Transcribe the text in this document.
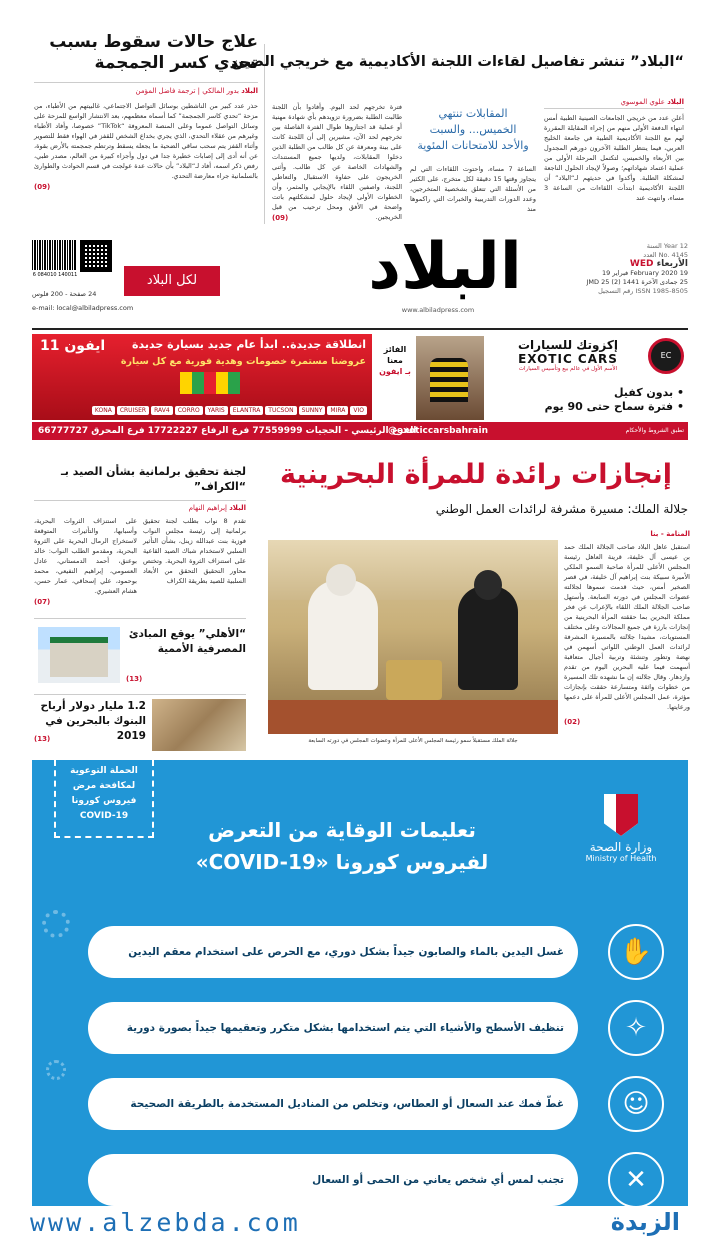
علاج حالات سقوط بسبب
تحدي كسر الجمجمة
البلاد بدور المالكي | ترجمة فاضل المؤمن
حذر عدد كبير من الناشطين بوسائل التواصل الاجتماعي، غالبيتهم من الأطباء، من مزحة “تحدي كاسر الجمجمة” كما أسماه معظمهم، بعد الانتشار الواسع للمزحة على وسائل التواصل عموما وعلى المنصة المعروفة “TikTok” خصوصا، وأفاد الأطباء وغيرهم من عقلاء التحدي، الذي يجري بخداع الشخص للقفز في الهواء فقط للتصوير وأثناء القفز يتم سحب ساقي الضحية ما يجعله يسقط وترتطم جمجمته بالأرض بقوة، عن أنه أدى إلى إصابات خطيرة جدا في دول وأجزاء كبيرة من العالم، مصدر طبي، رفض ذكر اسمه، أفاد لـ“البلاد” بأن حالات عدة عولجت في قسم الحوادث والطوارئ بالسلمانية جراء معارضة التحدي.
(09)
“البلاد” تنشر تفاصيل لقاءات اللجنة الأكاديمية مع خريجي الصين
البلاد علوي الموسوي
أعلن عدد من خريجي الجامعات الصينية الطبية أمس انتهاء الدفعة الأولى منهم من إجراء المقابلة المقررة لهم مع اللجنة الأكاديمية الطبية في جامعة الخليج العربي، فيما ينتظر الطلبة الآخرون دورهم المجدول بين الأربعاء والخميس، لتكتمل المرحلة الأولى من عملية اعتماد شهاداتهم؛ وصولاً لإيجاد الحلول الناجعة لمشكلة الطلبة. وأكدوا في حديثهم لـ“البلاد” أن اللجنة الأكاديمية ابتدأت اللقاءات من الساعة 3 مساء، وانتهت عند
المقابلات تنتهي
الخميس... والسبت
والأحد للامتحانات المئوية
الساعة 7 مساء، واحتوت اللقاءات التي لم يتجاوز وقتها 15 دقيقة لكل متخرج، على الكثير من الأسئلة التي تتعلق بشخصية المتخرجين، وعدد الدورات التدريبية والخبرات التي راكموها منذ
فترة تخرجهم لحد اليوم. وأفادوا بأن اللجنة طالبت الطلبة بضرورة تزويدهم بأي شهادة مهنية أو عملية قد اجتازوها طوال الفترة الفاصلة بين تخرجهم لحد الآن، مشيرين إلى أن اللجنة كانت على بينة ومعرفة عن كل طالب من الطلبة الذين دخلوا المقابلات، ولديها جميع المستندات والشهادات الخاصة عن كل طالب. وأثنى الخريجون على حفاوة الاستقبال والتعاطي اللجنة، واصفين اللقاء بالإيجابي والمثمر، وأن الخطوات الأولى لإيجاد حلول لمشكلتهم باتت واضحة في الأفق ومحل ترحيب من قبل الخريجين.
(09)
Year 12 السنة
No. 4145 العدد
الأربعاء WED
19 February 2020 فبراير 19
25 جمادى الآخرة 1441 (2) 25 JMD
ISSN 1985-8505 رقم التسجيل
البلاد
www.albiladpress.com
لكل البلاد
e-mail: local@albiladpress.com
24 صفحة - 200 فلوس
6 084010 140011
EC
إكزوتك للسيارات
EXOTIC CARS
الأسم الأول في عالم بيع وتأسيس السيارات
• بدون كفيل
• فترة سماح حتى 90 يوم
الفائز
معنا
بـ ايفون
انطلاقة جديدة.. ابدأ عام جديد بسيارة جديدة
عروضنا مستمرة خصومات وهدية فورية مع كل سيارة
ايفون 11
VIOMIRASUNNYTUCSONELANTRAYARISCORRORAV4CRUISERKONA
الفرع الرئيسي - الحجيات 77559999 فرع الرفاع 17722227 فرع المحرق 66777727
@exoticcarsbahrain	تطبق الشروط والأحكام
إنجازات رائدة للمرأة البحرينية
جلالة الملك: مسيرة مشرفة لرائدات العمل الوطني
المنامة - بنا
استقبل عاهل البلاد صاحب الجلالة الملك حمد بن عيسى آل خليفة، قرينة العاهل رئيسة المجلس الأعلى للمرأة صاحبة السمو الملكي الأميرة سبيكة بنت إبراهيم آل خليفة، في قصر الصخير أمس، حيث قدمت سموها لجلالته عضوات المجلس في دورته السابعة. وأستهل صاحب الجلالة الملك اللقاء بالإعراب عن فخر مملكة البحرين بما حققته المرأة البحرينية من إنجازات بارزة في جميع المجالات وعلى مختلف المستويات، مشيدا جلالته بالمسيرة المشرفة لرائدات العمل الوطني اللواتي أسهمن في نهضة وتطور وتنشئة وتربية أجيال متعاقبة أسهمت فيما عليه البحرين اليوم من تقدم وازدهار. وقال جلالته إن ما نشهده تلك المسيرة من خطوات واثقة ومتسارعة حققت بإنجازات مؤثرة، عمل المجلس الأعلى للمرأة على دعمها ورعايتها.
(02)
جلالة الملك مستقبلاً سمو رئيسة المجلس الأعلى للمرأة وعضوات المجلس في دورته السابعة
لجنة تحقيق برلمانية بشأن الصيد بـ “الكراف”
البلاد إبراهيم النهام
تقدم 8 نواب بطلب لجنة تحقيق برلمانية إلى رئيسة مجلس النواب فوزية بنت عبدالله زينل، بشأن التأثير السلبي لاستخدام شباك الصيد القاعية على استنزاف الثروة البحرية. وتختص محاور التحقيق التحقق من الأبعاد السلبية للصيد بطريقة الكراف
على استنزاف الثروات البحرية، وأسبابها، والتأثيرات المتوقعة لاستخراج الرمال البحرية على الثروة البحرية، ومقدمو الطلب النواب: خالد بوعنق، أحمد الدمستاني، عادل العسومي، إبراهيم النفيعي، محمد بوحمود، علي إسحاقي، عمار حسن، هشام العشيري.
(07)
“الأهلي” يوقع المبادئ المصرفية الأممية
(13)
1.2 مليار دولار أرباح البنوك بالبحرين في 2019
(13)
الحملة التوعوية
لمكافحة مرض
فيروس كورونا
COVID-19
تعليمات الوقاية من التعرض
لفيروس كورونا «COVID-19»
وزارة الصحة
Ministry of Health
غسل اليدين بالماء والصابون جيداً بشكل دوري، مع الحرص على استخدام معقم اليدين	✋
تنظيف الأسطح والأشياء التي يتم استخدامها بشكل متكرر وتعقيمها جيداً بصورة دورية	✧
غطّ فمك عند السعال أو العطاس، وتخلص من المناديل المستخدمة بالطريقة الصحيحة	☺
تجنب لمس أي شخص يعاني من الحمى أو السعال	✕
www.alzebda.com	الزبدة
